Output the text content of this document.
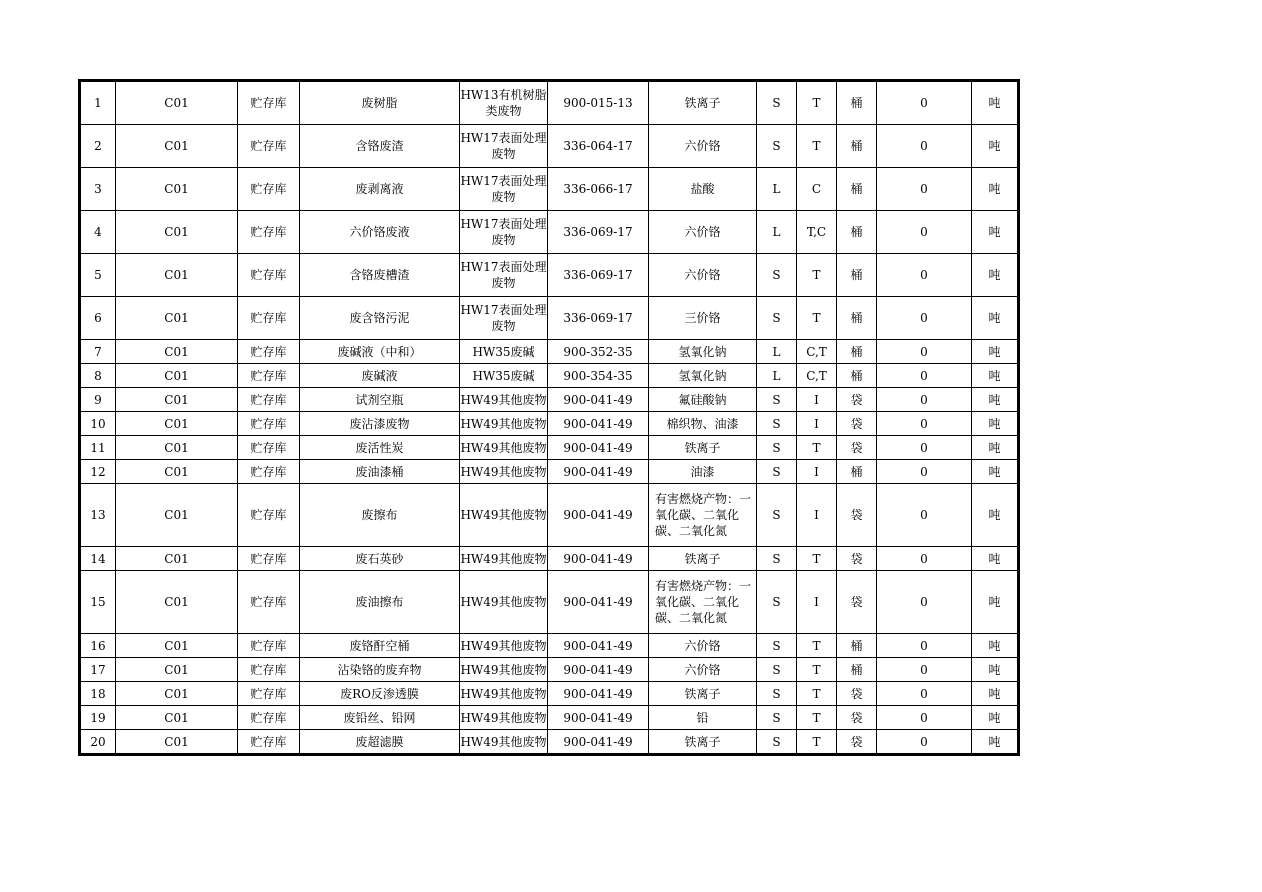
1	C01	贮存库	废树脂	HW13有机树脂类废物	900-015-13	铁离子	S	T	桶	0	吨
2	C01	贮存库	含铬废渣	HW17表面处理废物	336-064-17	六价铬	S	T	桶	0	吨
3	C01	贮存库	废剥离液	HW17表面处理废物	336-066-17	盐酸	L	C	桶	0	吨
4	C01	贮存库	六价铬废液	HW17表面处理废物	336-069-17	六价铬	L	T,C	桶	0	吨
5	C01	贮存库	含铬废槽渣	HW17表面处理废物	336-069-17	六价铬	S	T	桶	0	吨
6	C01	贮存库	废含铬污泥	HW17表面处理废物	336-069-17	三价铬	S	T	桶	0	吨
7	C01	贮存库	废碱液（中和）	HW35废碱	900-352-35	氢氧化钠	L	C,T	桶	0	吨
8	C01	贮存库	废碱液	HW35废碱	900-354-35	氢氧化钠	L	C,T	桶	0	吨
9	C01	贮存库	试剂空瓶	HW49其他废物	900-041-49	氟硅酸钠	S	I	袋	0	吨
10	C01	贮存库	废沾漆废物	HW49其他废物	900-041-49	棉织物、油漆	S	I	袋	0	吨
11	C01	贮存库	废活性炭	HW49其他废物	900-041-49	铁离子	S	T	袋	0	吨
12	C01	贮存库	废油漆桶	HW49其他废物	900-041-49	油漆	S	I	桶	0	吨
13	C01	贮存库	废擦布	HW49其他废物	900-041-49	有害燃烧产物：一氧化碳、二氧化碳、二氧化氮	S	I	袋	0	吨
14	C01	贮存库	废石英砂	HW49其他废物	900-041-49	铁离子	S	T	袋	0	吨
15	C01	贮存库	废油擦布	HW49其他废物	900-041-49	有害燃烧产物：一氧化碳、二氧化碳、二氧化氮	S	I	袋	0	吨
16	C01	贮存库	废铬酐空桶	HW49其他废物	900-041-49	六价铬	S	T	桶	0	吨
17	C01	贮存库	沾染铬的废弃物	HW49其他废物	900-041-49	六价铬	S	T	桶	0	吨
18	C01	贮存库	废RO反渗透膜	HW49其他废物	900-041-49	铁离子	S	T	袋	0	吨
19	C01	贮存库	废铅丝、铅网	HW49其他废物	900-041-49	铅	S	T	袋	0	吨
20	C01	贮存库	废超滤膜	HW49其他废物	900-041-49	铁离子	S	T	袋	0	吨
